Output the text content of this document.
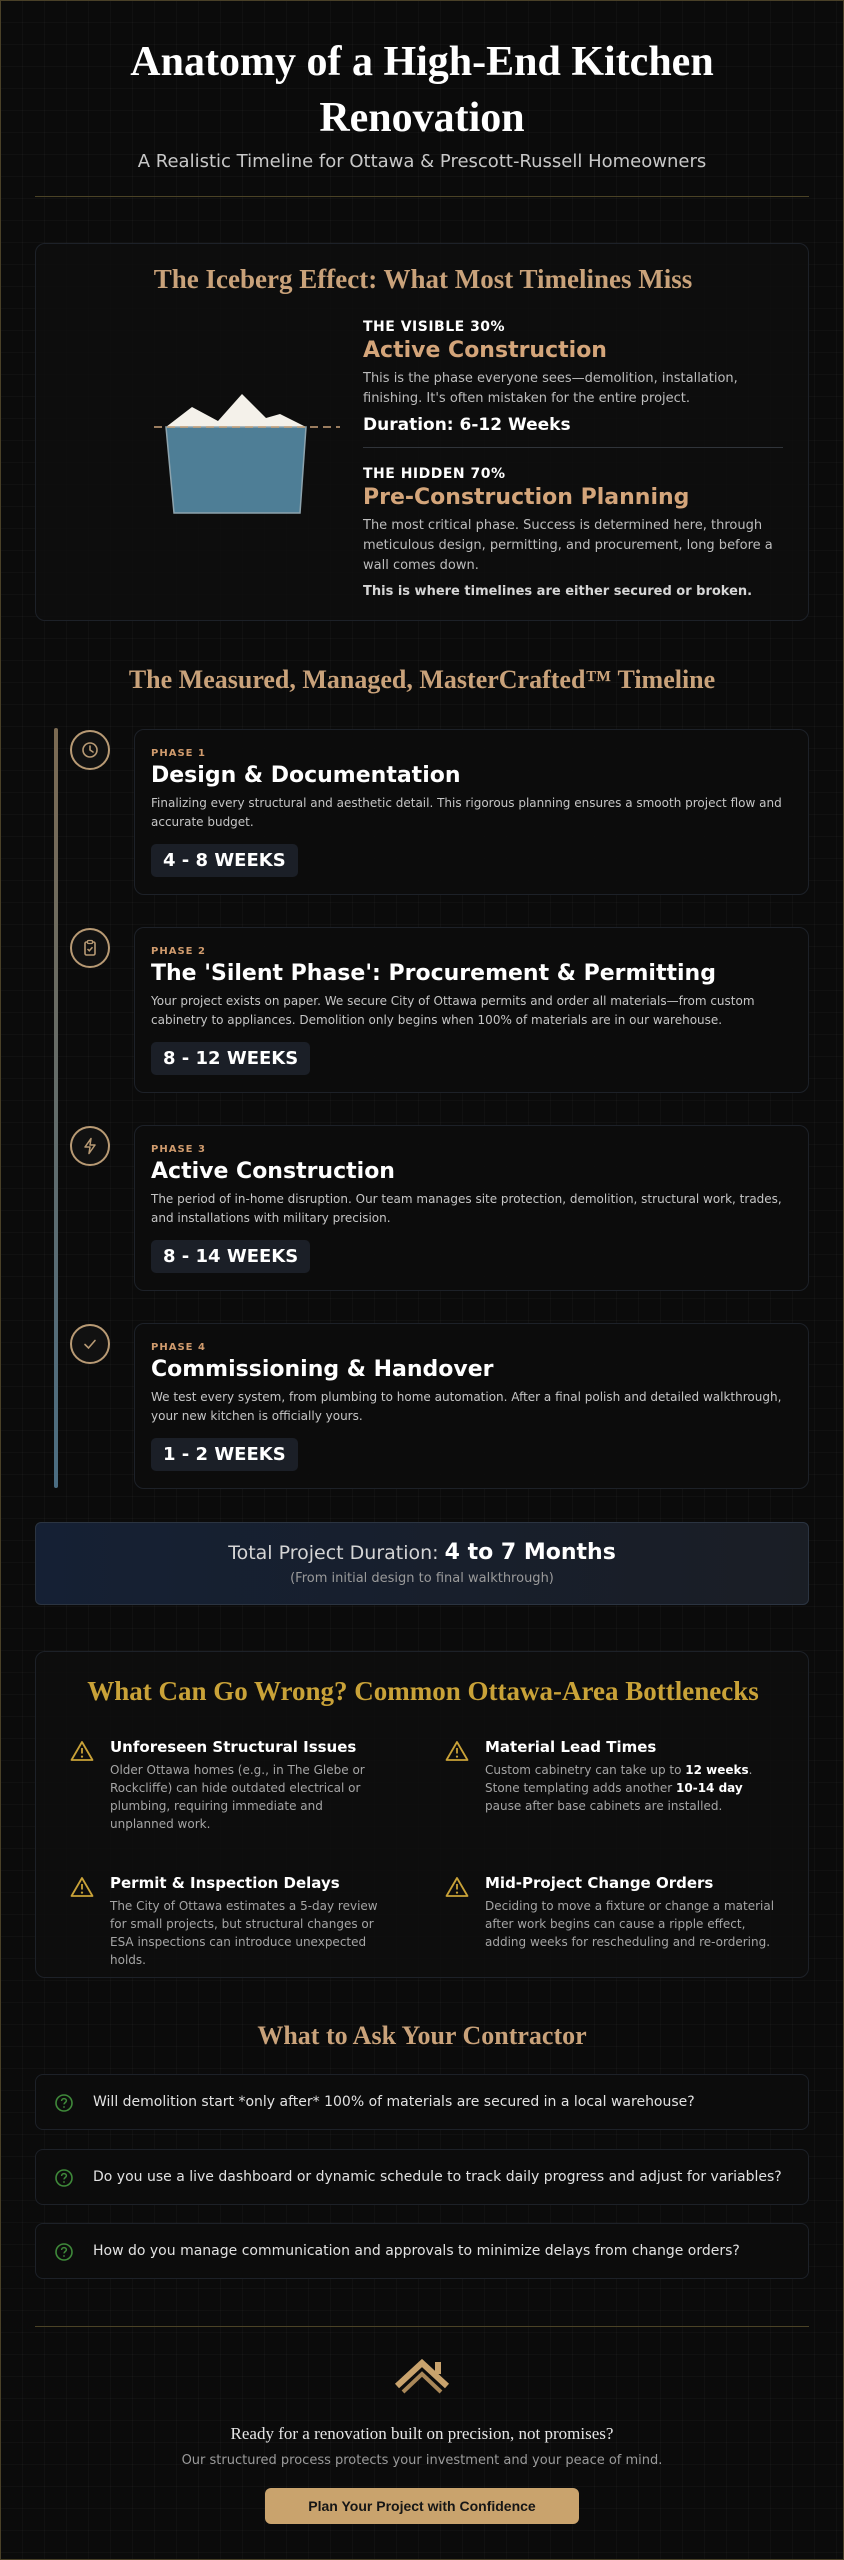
Anatomy of a High-End Kitchen Renovation
A Realistic Timeline for Ottawa & Prescott-Russell Homeowners
The Iceberg Effect: What Most Timelines Miss
THE VISIBLE 30%
Active Construction
This is the phase everyone sees—demolition, installation, finishing. It's often mistaken for the entire project.
Duration: 6-12 Weeks
THE HIDDEN 70%
Pre-Construction Planning
The most critical phase. Success is determined here, through meticulous design, permitting, and procurement, long before a wall comes down.
This is where timelines are either secured or broken.
The Measured, Managed, MasterCrafted™ Timeline
PHASE 1
Design & Documentation
Finalizing every structural and aesthetic detail. This rigorous planning ensures a smooth project flow and accurate budget.
4 - 8 WEEKS
PHASE 2
The 'Silent Phase': Procurement & Permitting
Your project exists on paper. We secure City of Ottawa permits and order all materials—from custom cabinetry to appliances. Demolition only begins when 100% of materials are in our warehouse.
8 - 12 WEEKS
PHASE 3
Active Construction
The period of in-home disruption. Our team manages site protection, demolition, structural work, trades, and installations with military precision.
8 - 14 WEEKS
PHASE 4
Commissioning & Handover
We test every system, from plumbing to home automation. After a final polish and detailed walkthrough, your new kitchen is officially yours.
1 - 2 WEEKS
Total Project Duration: 4 to 7 Months
(From initial design to final walkthrough)
What Can Go Wrong? Common Ottawa-Area Bottlenecks
Unforeseen Structural Issues
Older Ottawa homes (e.g., in The Glebe or Rockcliffe) can hide outdated electrical or plumbing, requiring immediate and unplanned work.
Material Lead Times
Custom cabinetry can take up to 12 weeks. Stone templating adds another 10-14 day pause after base cabinets are installed.
Permit & Inspection Delays
The City of Ottawa estimates a 5-day review for small projects, but structural changes or ESA inspections can introduce unexpected holds.
Mid-Project Change Orders
Deciding to move a fixture or change a material after work begins can cause a ripple effect, adding weeks for rescheduling and re-ordering.
What to Ask Your Contractor
Will demolition start *only after* 100% of materials are secured in a local warehouse?
Do you use a live dashboard or dynamic schedule to track daily progress and adjust for variables?
How do you manage communication and approvals to minimize delays from change orders?
Ready for a renovation built on precision, not promises?
Our structured process protects your investment and your peace of mind.
Plan Your Project with Confidence
